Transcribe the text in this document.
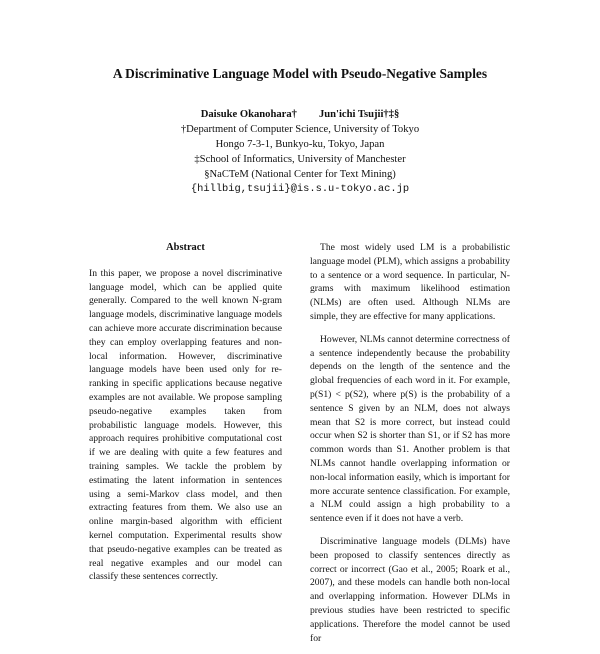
A Discriminative Language Model with Pseudo-Negative Samples
Daisuke Okanohara† Jun'ichi Tsujii†‡§
†Department of Computer Science, University of Tokyo
Hongo 7-3-1, Bunkyo-ku, Tokyo, Japan
‡School of Informatics, University of Manchester
§NaCTeM (National Center for Text Mining)
{hillbig,tsujii}@is.s.u-tokyo.ac.jp
Abstract

In this paper, we propose a novel discriminative language model, which can be applied quite generally. Compared to the well known N-gram language models, discriminative language models can achieve more accurate discrimination because they can employ overlapping features and non-local information. However, discriminative language models have been used only for re-ranking in specific applications because negative examples are not available. We propose sampling pseudo-negative examples taken from probabilistic language models. However, this approach requires prohibitive computational cost if we are dealing with quite a few features and training samples. We tackle the problem by estimating the latent information in sentences using a semi-Markov class model, and then extracting features from them. We also use an online margin-based algorithm with efficient kernel computation. Experimental results show that pseudo-negative examples can be treated as real negative examples and our model can classify these sentences correctly.

The most widely used LM is a probabilistic language model (PLM), which assigns a probability to a sentence or a word sequence. In particular, N-grams with maximum likelihood estimation (NLMs) are often used. Although NLMs are simple, they are effective for many applications.

However, NLMs cannot determine correctness of a sentence independently because the probability depends on the length of the sentence and the global frequencies of each word in it. For example, p(S1) < p(S2), where p(S) is the probability of a sentence S given by an NLM, does not always mean that S2 is more correct, but instead could occur when S2 is shorter than S1, or if S2 has more common words than S1. Another problem is that NLMs cannot handle overlapping information or non-local information easily, which is important for more accurate sentence classification. For example, a NLM could assign a high probability to a sentence even if it does not have a verb.

Discriminative language models (DLMs) have been proposed to classify sentences directly as correct or incorrect (Gao et al., 2005; Roark et al., 2007), and these models can handle both non-local and overlapping information. However DLMs in previous studies have been restricted to specific applications. Therefore the model cannot be used for
